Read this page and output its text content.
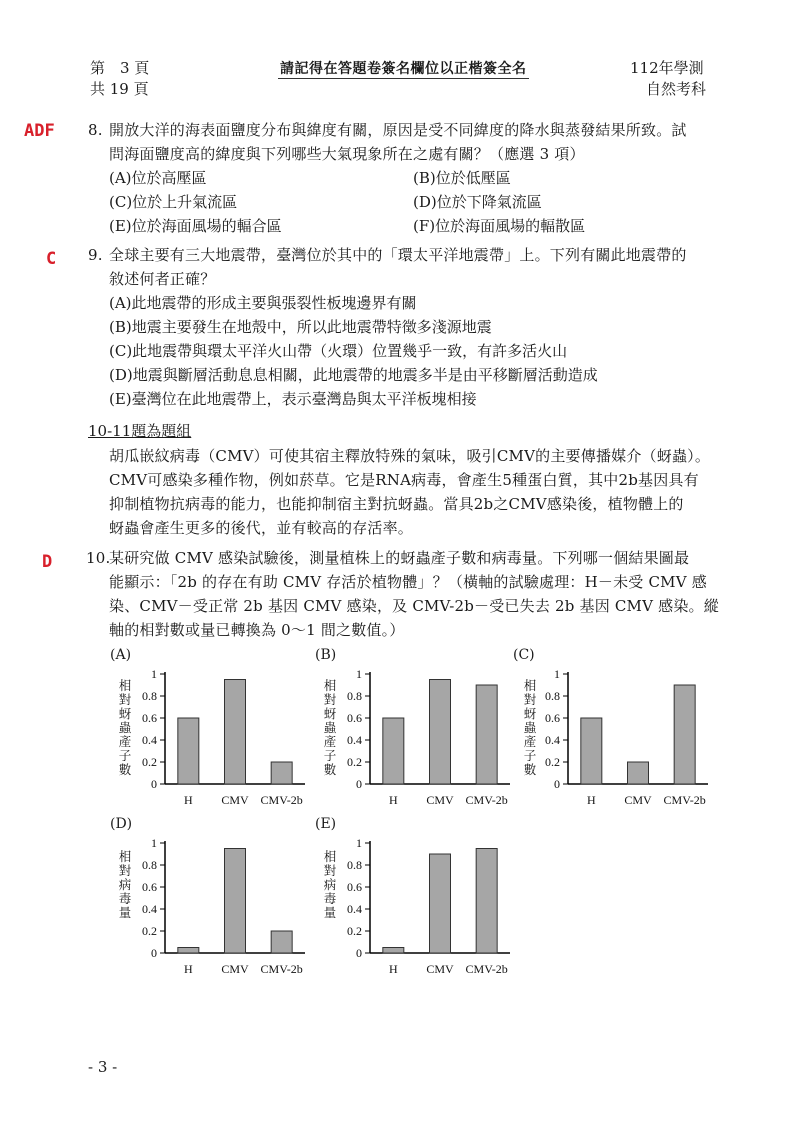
第　3 頁
共 19 頁
請記得在答題卷簽名欄位以正楷簽全名	112年學測
自然考科
ADF 8. 開放大洋的海表面鹽度分布與緯度有關，原因是受不同緯度的降水與蒸發結果所致。試
問海面鹽度高的緯度與下列哪些大氣現象所在之處有關？（應選 3 項）
(A)位於高壓區	(B)位於低壓區
(C)位於上升氣流區	(D)位於下降氣流區
(E)位於海面風場的輻合區	(F)位於海面風場的輻散區
C 9. 全球主要有三大地震帶，臺灣位於其中的「環太平洋地震帶」上。下列有關此地震帶的
敘述何者正確？
(A)此地震帶的形成主要與張裂性板塊邊界有關
(B)地震主要發生在地殼中，所以此地震帶特徵多淺源地震
(C)此地震帶與環太平洋火山帶（火環）位置幾乎一致，有許多活火山
(D)地震與斷層活動息息相關，此地震帶的地震多半是由平移斷層活動造成
(E)臺灣位在此地震帶上，表示臺灣島與太平洋板塊相接
10-11題為題組
胡瓜嵌紋病毒（CMV）可使其宿主釋放特殊的氣味，吸引CMV的主要傳播媒介（蚜蟲）。
CMV可感染多種作物，例如菸草。它是RNA病毒，會產生5種蛋白質，其中2b基因具有
抑制植物抗病毒的能力，也能抑制宿主對抗蚜蟲。當具2b之CMV感染後，植物體上的
蚜蟲會產生更多的後代，並有較高的存活率。
D 10.
某研究做 CMV 感染試驗後，測量植株上的蚜蟲產子數和病毒量。下列哪一個結果圖最
能顯示：「2b 的存在有助 CMV 存活於植物體」？（橫軸的試驗處理：H－未受 CMV 感
染、CMV－受正常 2b 基因 CMV 感染，及 CMV-2b－受已失去 2b 基因 CMV 感染。縱
軸的相對數或量已轉換為 0～1 間之數值。）
(A)
相對蚜蟲產子數
0
0.2
0.4
0.6
0.8
1
H CMV CMV-2b
(B)
相對蚜蟲產子數
0
0.2
0.4
0.6
0.8
1
H CMV CMV-2b
(C)
相對蚜蟲產子數
0
0.2
0.4
0.6
0.8
1
H CMV CMV-2b
(D)
相對病毒量
0
0.2
0.4
0.6
0.8
1
H CMV CMV-2b
(E)
相對病毒量
0
0.2
0.4
0.6
0.8
1
H CMV CMV-2b
- 3 -
